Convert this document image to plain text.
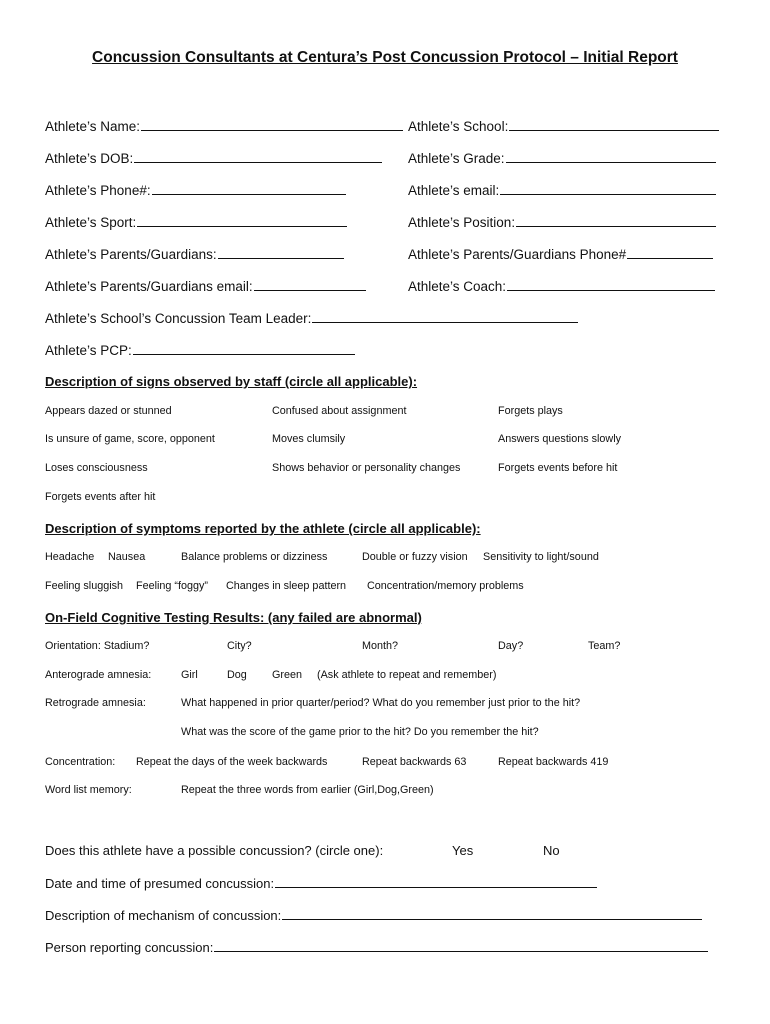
Concussion Consultants at Centura’s Post Concussion Protocol – Initial Report
Athlete’s Name:	Athlete’s School:
Athlete’s DOB:	Athlete’s Grade:
Athlete’s Phone#:	Athlete’s email:
Athlete’s Sport:	Athlete’s Position:
Athlete’s Parents/Guardians:	Athlete’s Parents/Guardians Phone#
Athlete’s Parents/Guardians email:	Athlete’s Coach:
Athlete’s School’s Concussion Team Leader:
Athlete’s PCP:
Description of signs observed by staff (circle all applicable):
Appears dazed or stunned	Confused about assignment	Forgets plays
Is unsure of game, score, opponent	Moves clumsily	Answers questions slowly
Loses consciousness	Shows behavior or personality changes	Forgets events before hit
Forgets events after hit
Description of symptoms reported by the athlete (circle all applicable):
Headache Nausea	Balance problems or dizziness	Double or fuzzy vision Sensitivity to light/sound
Feeling sluggish Feeling “foggy” Changes in sleep pattern Concentration/memory problems
On-Field Cognitive Testing Results: (any failed are abnormal)
Orientation: Stadium?	City?	Month?	Day?	Team?
Anterograde amnesia:	Girl	Dog Green (Ask athlete to repeat and remember)
Retrograde amnesia:	What happened in prior quarter/period? What do you remember just prior to the hit?
What was the score of the game prior to the hit? Do you remember the hit?
Concentration: Repeat the days of the week backwards	Repeat backwards 63	Repeat backwards 419
Word list memory:	Repeat the three words from earlier (Girl,Dog,Green)
Does this athlete have a possible concussion? (circle one):	Yes	No
Date and time of presumed concussion:
Description of mechanism of concussion:
Person reporting concussion:
